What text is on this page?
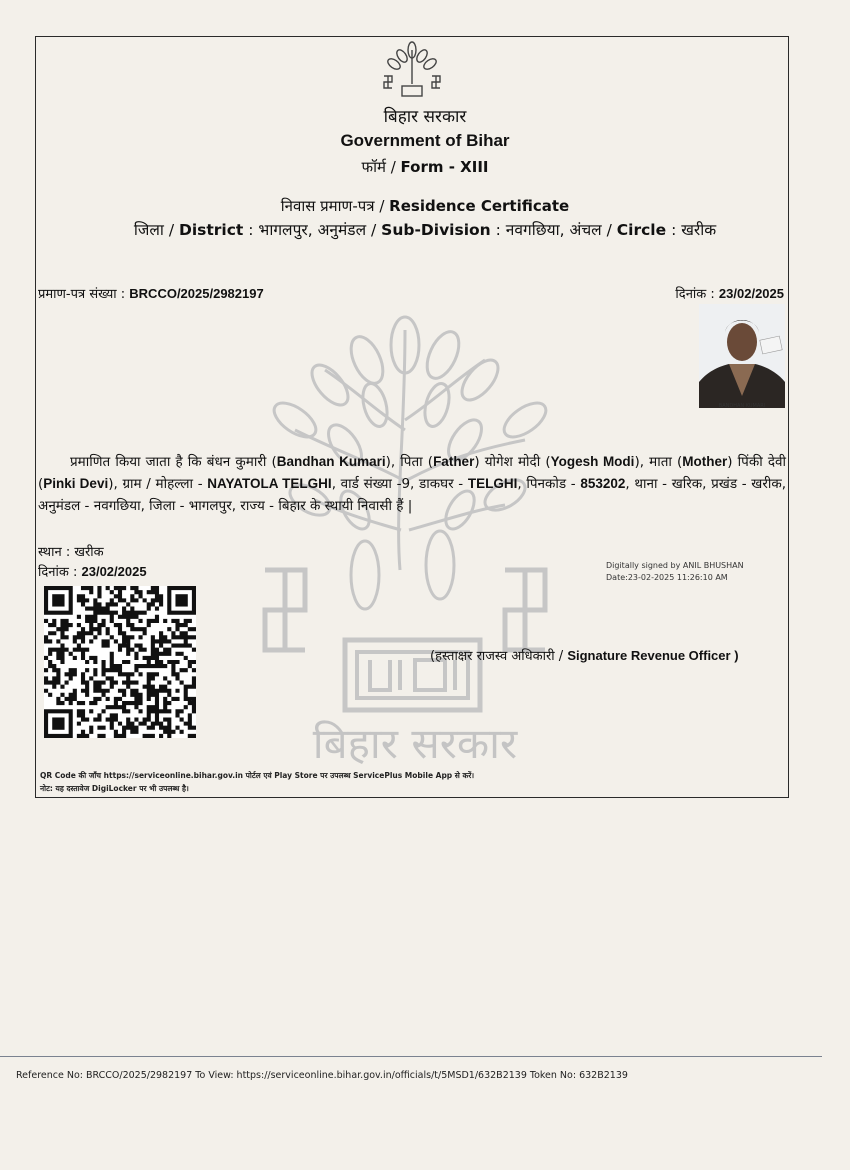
बिहार सरकार
बिहार सरकार
Government of Bihar
फॉर्म / Form - XIII
निवास प्रमाण-पत्र / Residence Certificate
जिला / District : भागलपुर, अनुमंडल / Sub-Division : नवगछिया, अंचल / Circle : खरीक
प्रमाण-पत्र संख्या : BRCCO/2025/2982197	दिनांक : 23/02/2025
BANDHAN KUMARI
प्रमाणित किया जाता है कि बंधन कुमारी (Bandhan Kumari), पिता (Father) योगेश मोदी (Yogesh Modi), माता (Mother) पिंकी देवी (Pinki Devi), ग्राम / मोहल्ला - NAYATOLA TELGHI, वार्ड संख्या -9, डाकघर - TELGHI, पिनकोड - 853202, थाना - खरिक, प्रखंड - खरीक, अनुमंडल - नवगछिया, जिला - भागलपुर, राज्य - बिहार के स्थायी निवासी हैं |
स्थान : खरीक
दिनांक : 23/02/2025	Digitally signed by ANIL BHUSHAN
Date:23-02-2025 11:26:10 AM
(हस्ताक्षर राजस्व अधिकारी / Signature Revenue Officer )
QR Code की जाँच https://serviceonline.bihar.gov.in पोर्टल एवं Play Store पर उपलब्ध ServicePlus Mobile App से करें।
नोट: यह दस्तावेज DigiLocker पर भी उपलब्ध है।
Reference No: BRCCO/2025/2982197 To View: https://serviceonline.bihar.gov.in/officials/t/5MSD1/632B2139 Token No: 632B2139
